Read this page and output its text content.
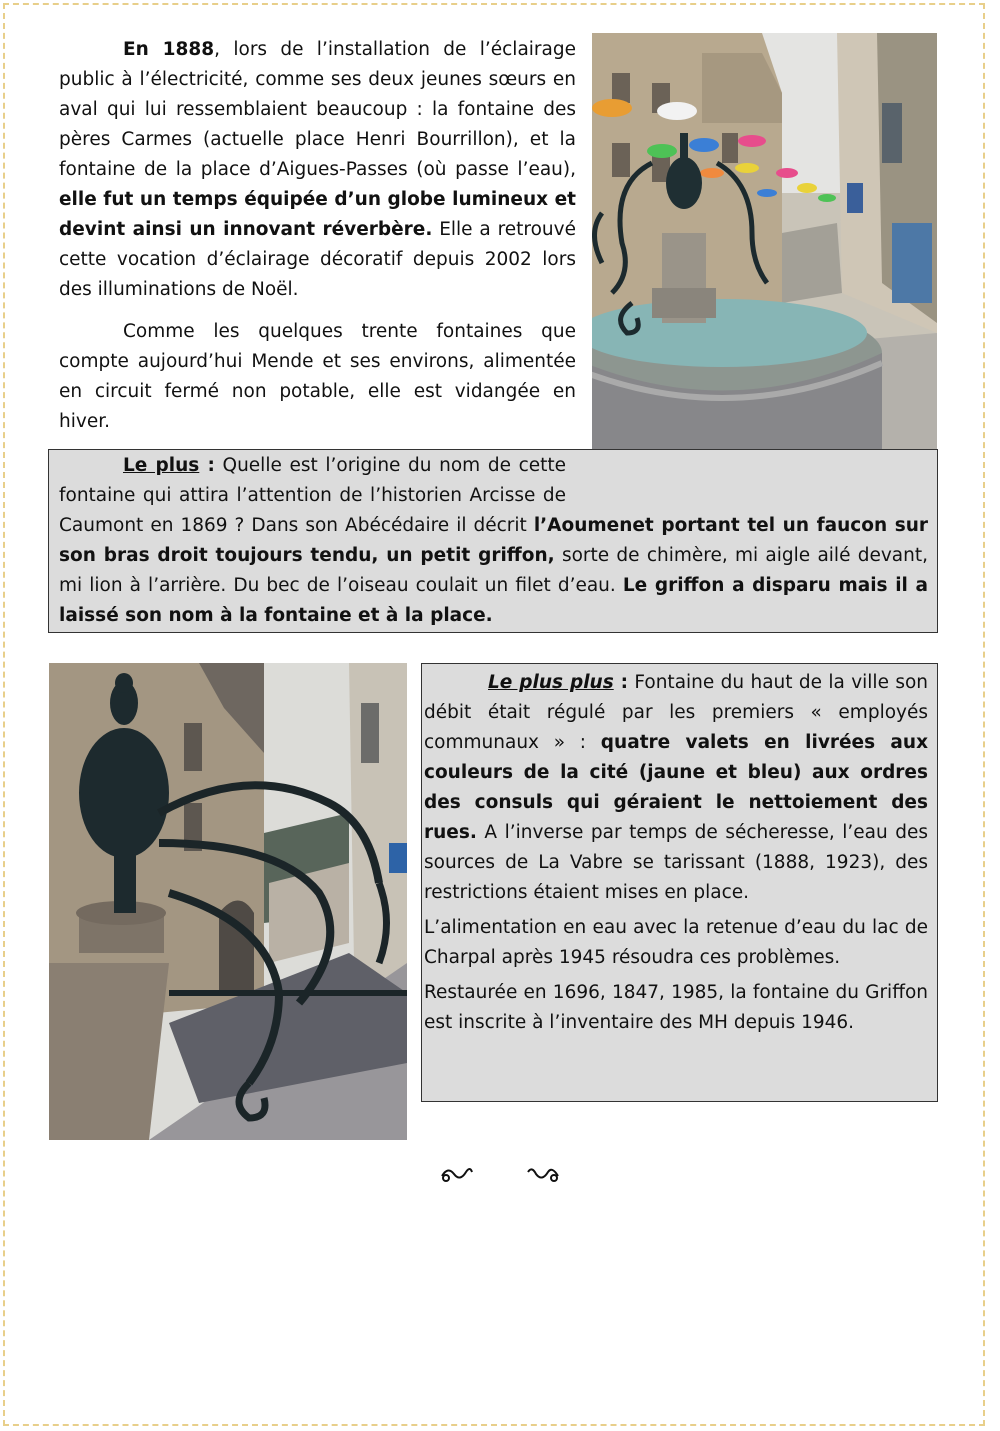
En 1888, lors de l’installation de l’éclairage public à l’électricité, comme ses deux jeunes sœurs en aval qui lui ressemblaient beaucoup : la fontaine des pères Carmes (actuelle place Henri Bourrillon), et la fontaine de la place d’Aigues-Passes (où passe l’eau), elle fut un temps équipée d’un globe lumineux et devint ainsi un innovant réverbère. Elle a retrouvé cette vocation d’éclairage décoratif depuis 2002 lors des illuminations de Noël.

Comme les quelques trente fontaines que compte aujourd’hui Mende et ses environs, alimentée en circuit fermé non potable, elle est vidangée en hiver.

Le plus : Quelle est l’origine du nom de cette fontaine qui attira l’attention de l’historien Arcisse de Caumont en 1869 ? Dans son Abécédaire il décrit l’Aoumenet portant tel un faucon sur son bras droit toujours tendu, un petit griffon, sorte de chimère, mi aigle ailé devant, mi lion à l’arrière. Du bec de l’oiseau coulait un filet d’eau. Le griffon a disparu mais il a laissé son nom à la fontaine et à la place.

Le plus plus : Fontaine du haut de la ville son débit était régulé par les premiers « employés communaux » : quatre valets en livrées aux couleurs de la cité (jaune et bleu) aux ordres des consuls qui géraient le nettoiement des rues. A l’inverse par temps de sécheresse, l’eau des sources de La Vabre se tarissant (1888, 1923), des restrictions étaient mises en place.

L’alimentation en eau avec la retenue d’eau du lac de Charpal après 1945 résoudra ces problèmes.

Restaurée en 1696, 1847, 1985, la fontaine du Griffon est inscrite à l’inventaire des MH depuis 1946.
